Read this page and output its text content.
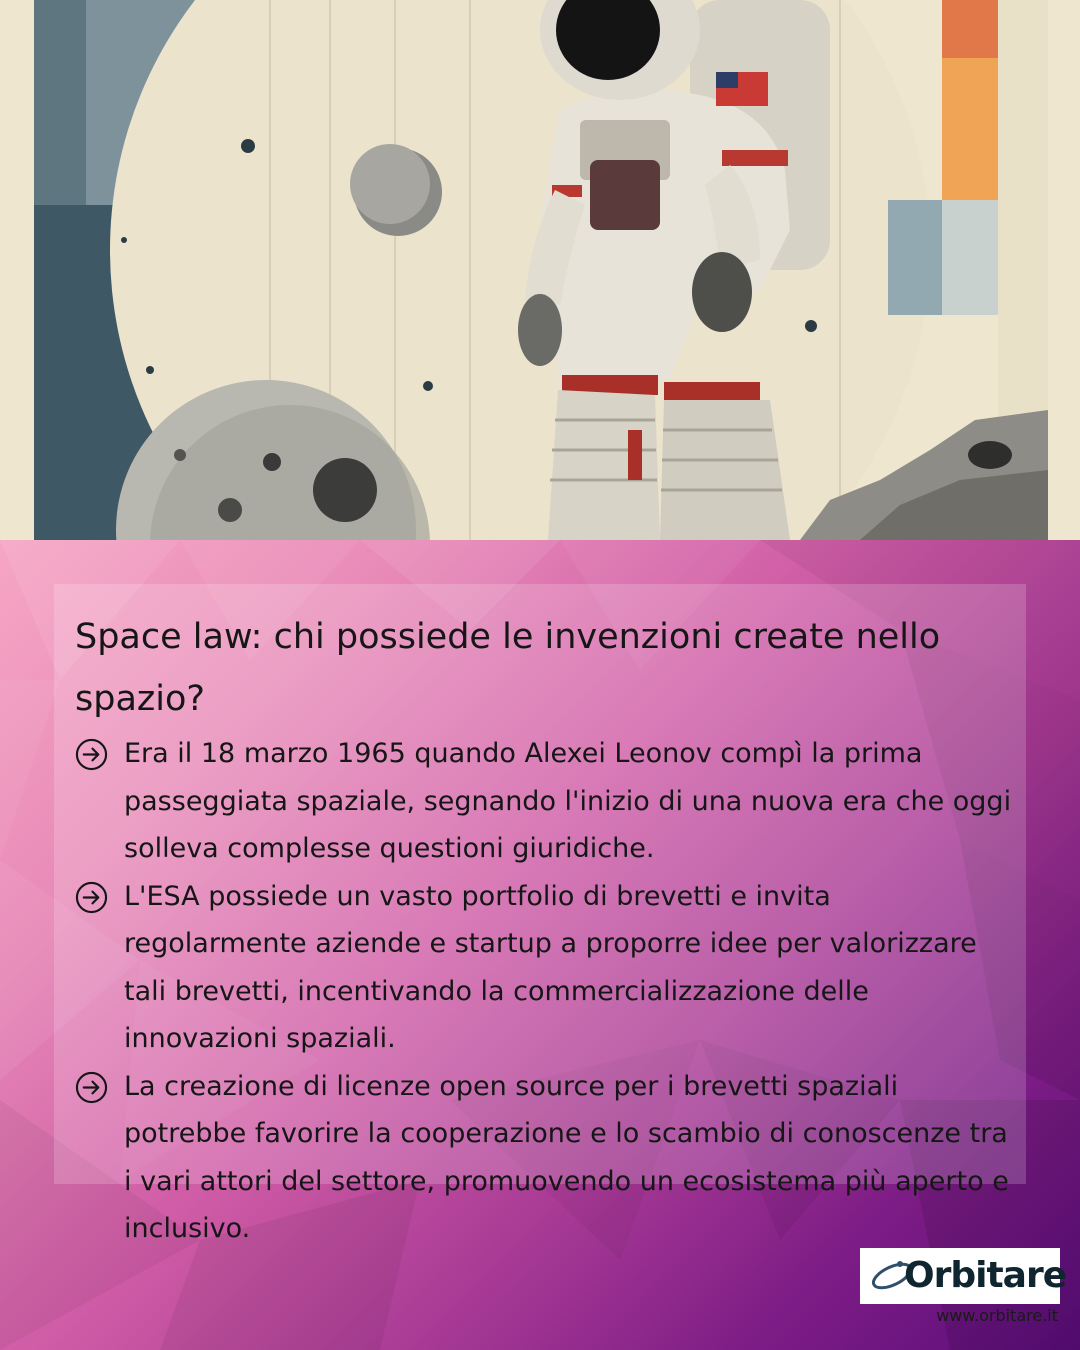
Space law: chi possiede le invenzioni create nello spazio?

Era il 18 marzo 1965 quando Alexei Leonov compì la prima passeggiata spaziale, segnando l'inizio di una nuova era che oggi solleva complesse questioni giuridiche.

L'ESA possiede un vasto portfolio di brevetti e invita regolarmente aziende e startup a proporre idee per valorizzare tali brevetti, incentivando la commercializzazione delle innovazioni spaziali.

La creazione di licenze open source per i brevetti spaziali potrebbe favorire la cooperazione e lo scambio di conoscenze tra i vari attori del settore, promuovendo un ecosistema più aperto e inclusivo.

Orbitare
www.orbitare.it
